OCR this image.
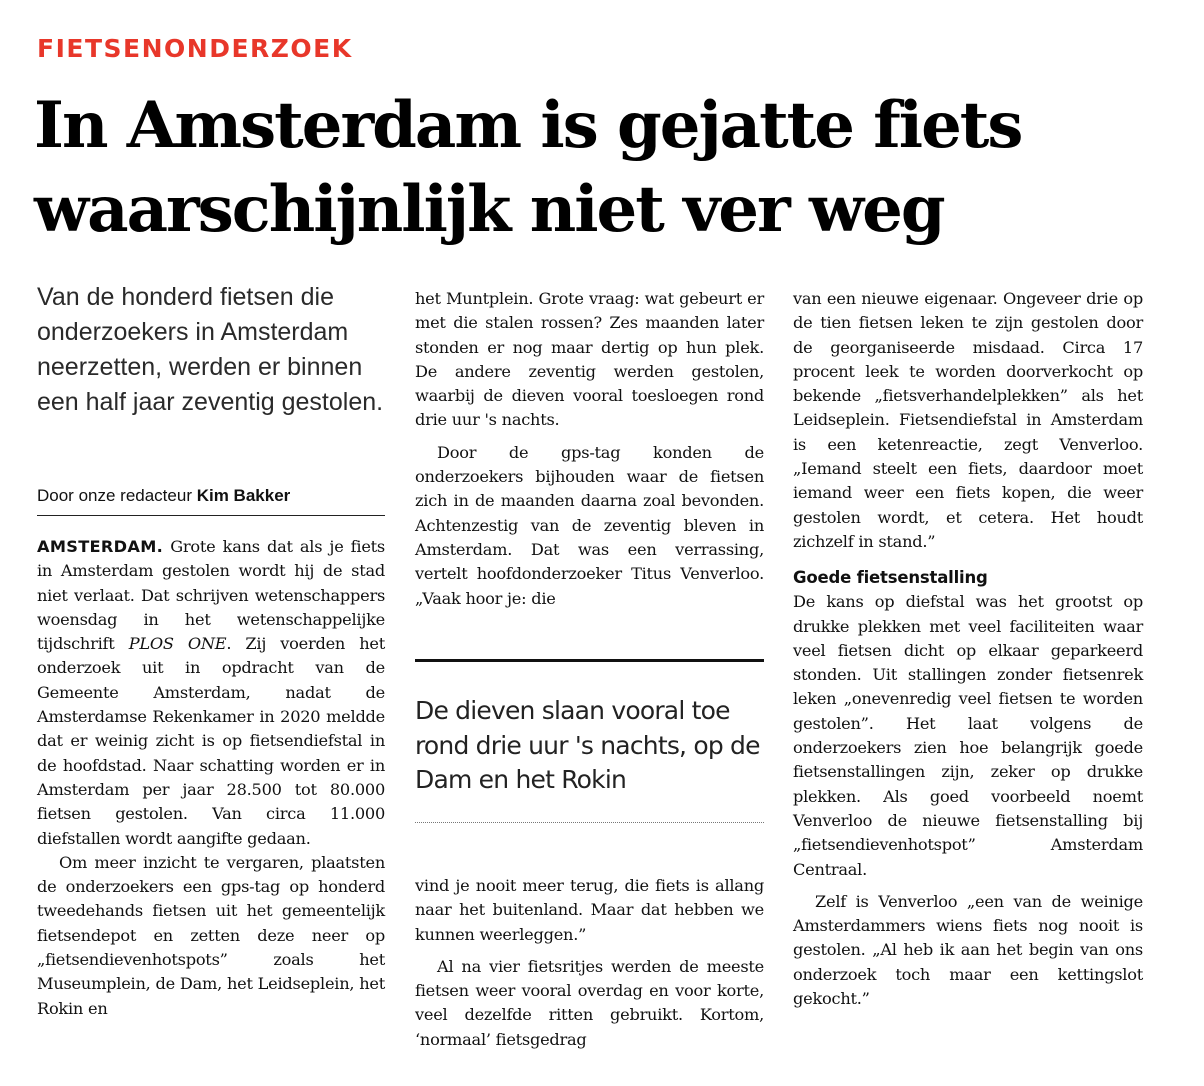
FIETSENONDERZOEK
In Amsterdam is gejatte fiets waarschijnlijk niet ver weg

Van de honderd fietsen die onderzoekers in Amsterdam neerzetten, werden er binnen een half jaar zeventig gestolen.

Door onze redacteur Kim Bakker

AMSTERDAM. Grote kans dat als je fiets in Amsterdam gestolen wordt hij de stad niet verlaat. Dat schrijven wetenschappers woensdag in het wetenschappelijke tijdschrift PLOS ONE. Zij voerden het onderzoek uit in opdracht van de Gemeente Amsterdam, nadat de Amsterdamse Rekenkamer in 2020 meldde dat er weinig zicht is op fietsendiefstal in de hoofdstad. Naar schatting worden er in Amsterdam per jaar 28.500 tot 80.000 fietsen gestolen. Van circa 11.000 diefstallen wordt aangifte gedaan.

Om meer inzicht te vergaren, plaatsten de onderzoekers een gps-tag op honderd tweedehands fietsen uit het gemeentelijk fietsendepot en zetten deze neer op „fietsendievenhotspots” zoals het Museumplein, de Dam, het Leidseplein, het Rokin en

het Muntplein. Grote vraag: wat gebeurt er met die stalen rossen? Zes maanden later stonden er nog maar dertig op hun plek. De andere zeventig werden gestolen, waarbij de dieven vooral toesloegen rond drie uur 's nachts.

Door de gps-tag konden de onderzoekers bijhouden waar de fietsen zich in de maanden daarna zoal bevonden. Achtenzestig van de zeventig bleven in Amsterdam. Dat was een verrassing, vertelt hoofdonderzoeker Titus Venverloo. „Vaak hoor je: die

De dieven slaan vooral toe rond drie uur 's nachts, op de Dam en het Rokin

vind je nooit meer terug, die fiets is allang naar het buitenland. Maar dat hebben we kunnen weerleggen.”

Al na vier fietsritjes werden de meeste fietsen weer vooral overdag en voor korte, veel dezelfde ritten gebruikt. Kortom, ‘normaal’ fietsgedrag

van een nieuwe eigenaar. Ongeveer drie op de tien fietsen leken te zijn gestolen door de georganiseerde misdaad. Circa 17 procent leek te worden doorverkocht op bekende „fietsverhandelplekken” als het Leidseplein. Fietsendiefstal in Amsterdam is een ketenreactie, zegt Venverloo. „Iemand steelt een fiets, daardoor moet iemand weer een fiets kopen, die weer gestolen wordt, et cetera. Het houdt zichzelf in stand.”

Goede fietsenstalling

De kans op diefstal was het grootst op drukke plekken met veel faciliteiten waar veel fietsen dicht op elkaar geparkeerd stonden. Uit stallingen zonder fietsenrek leken „onevenredig veel fietsen te worden gestolen”. Het laat volgens de onderzoekers zien hoe belangrijk goede fietsenstallingen zijn, zeker op drukke plekken. Als goed voorbeeld noemt Venverloo de nieuwe fietsenstalling bij „fietsendievenhotspot” Amsterdam Centraal.

Zelf is Venverloo „een van de weinige Amsterdammers wiens fiets nog nooit is gestolen. „Al heb ik aan het begin van ons onderzoek toch maar een kettingslot gekocht.”
